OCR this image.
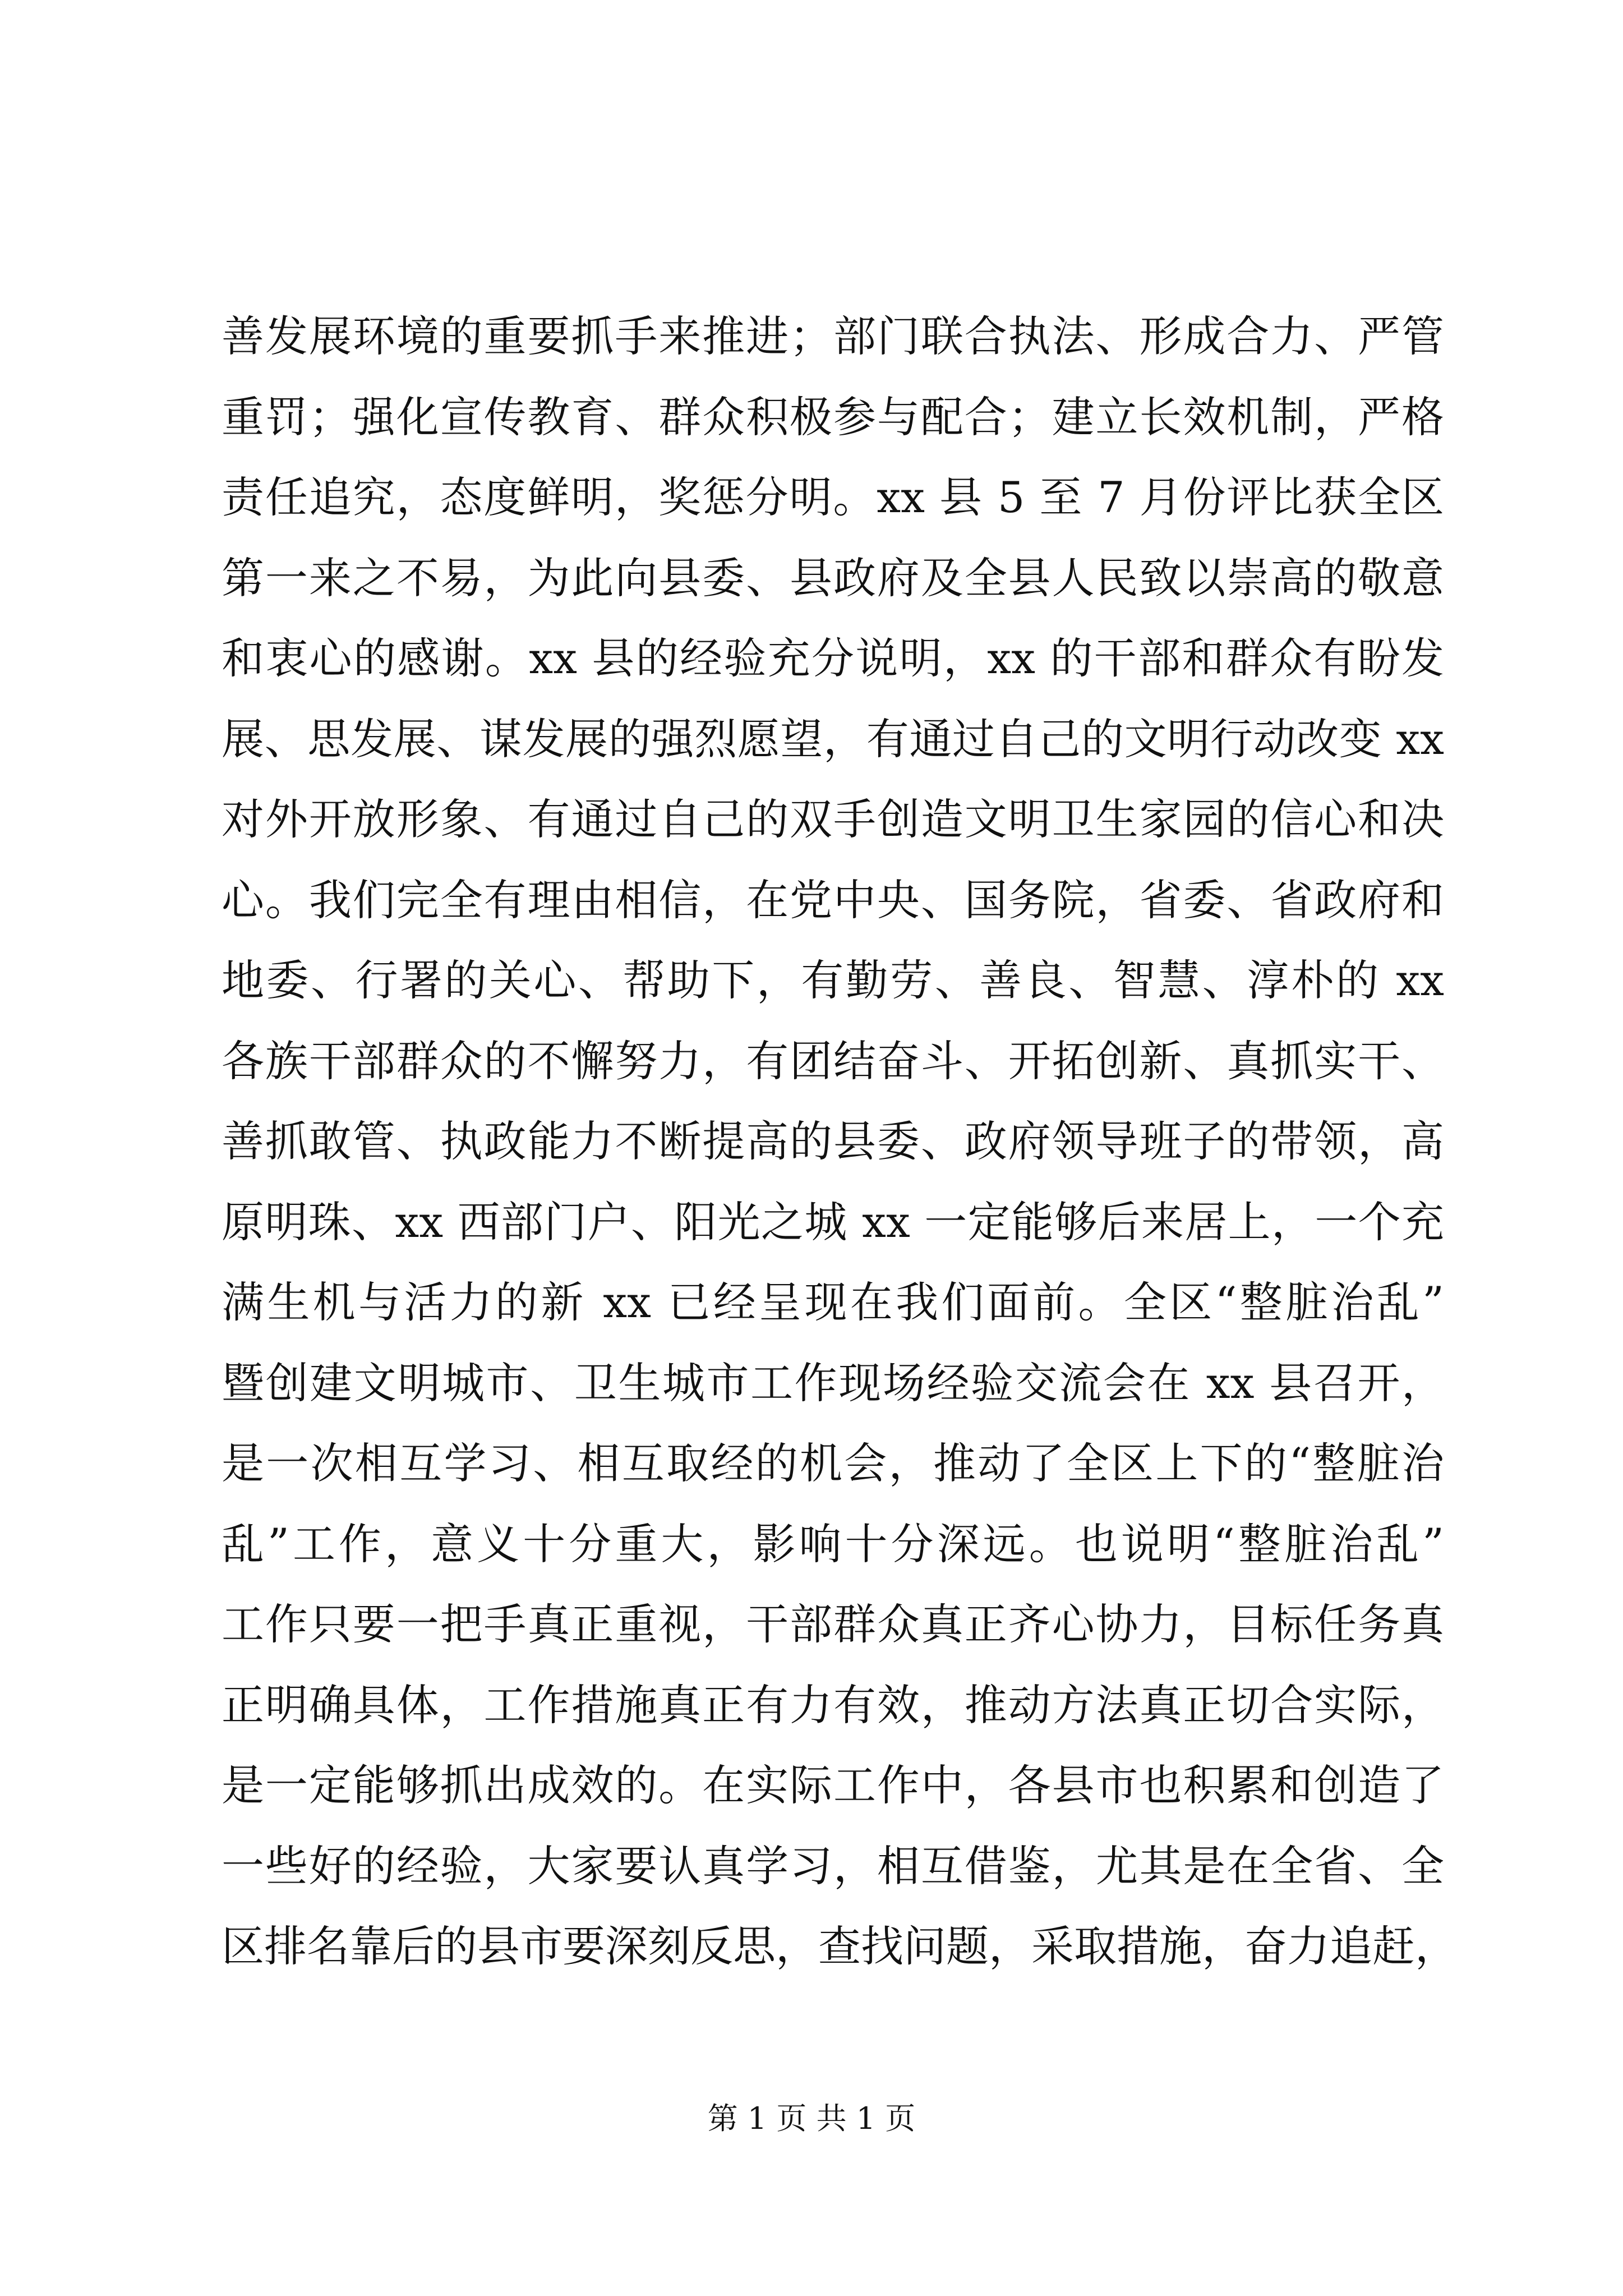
善发展环境的重要抓手来推进；部门联合执法、形成合力、严管
重罚；强化宣传教育、群众积极参与配合；建立长效机制，严格
责任追究，态度鲜明，奖惩分明。xx 县 5 至 7 月份评比获全区
第一来之不易，为此向县委、县政府及全县人民致以崇高的敬意
和衷心的感谢。xx 县的经验充分说明，xx 的干部和群众有盼发
展、思发展、谋发展的强烈愿望，有通过自己的文明行动改变 xx
对外开放形象、有通过自己的双手创造文明卫生家园的信心和决
心。我们完全有理由相信，在党中央、国务院，省委、省政府和
地委、行署的关心、帮助下，有勤劳、善良、智慧、淳朴的 xx
各族干部群众的不懈努力，有团结奋斗、开拓创新、真抓实干、
善抓敢管、执政能力不断提高的县委、政府领导班子的带领，高
原明珠、xx 西部门户、阳光之城 xx 一定能够后来居上，一个充
满生机与活力的新 xx 已经呈现在我们面前。全区“整脏治乱”
暨创建文明城市、卫生城市工作现场经验交流会在 xx 县召开，
是一次相互学习、相互取经的机会，推动了全区上下的“整脏治
乱”工作，意义十分重大，影响十分深远。也说明“整脏治乱”
工作只要一把手真正重视，干部群众真正齐心协力，目标任务真
正明确具体，工作措施真正有力有效，推动方法真正切合实际，
是一定能够抓出成效的。在实际工作中，各县市也积累和创造了
一些好的经验，大家要认真学习，相互借鉴，尤其是在全省、全
区排名靠后的县市要深刻反思，查找问题，采取措施，奋力追赶，
第 1 页 共 1 页
